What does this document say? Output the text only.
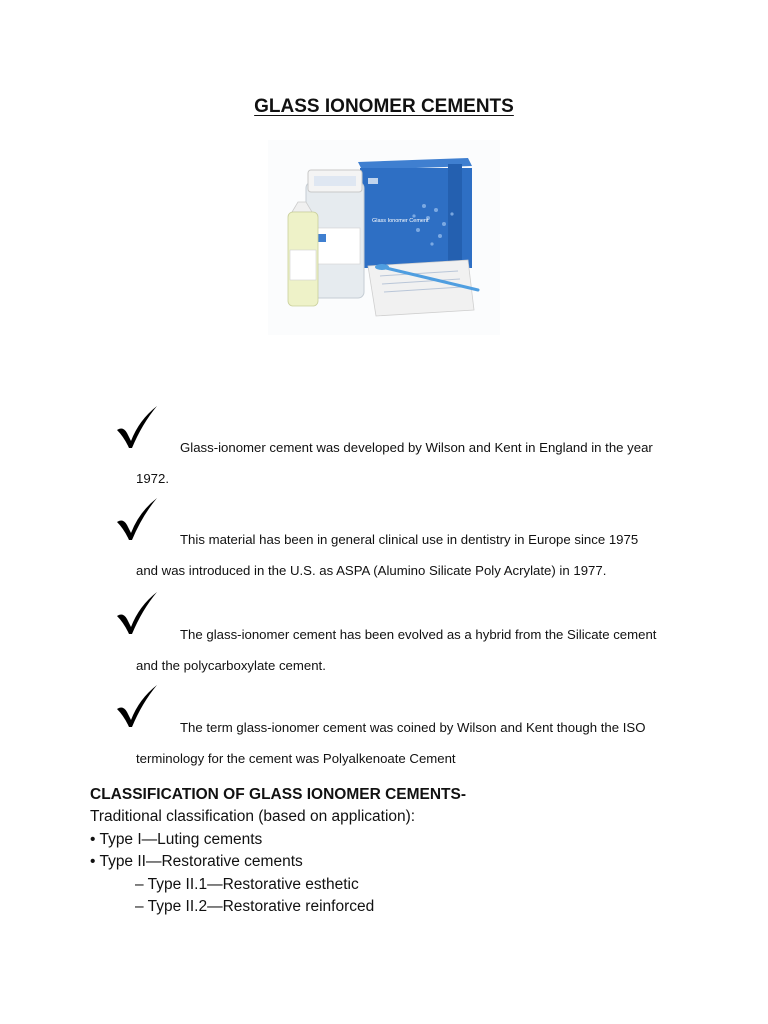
GLASS IONOMER CEMENTS
Glass Ionomer Cement
Glass-ionomer cement was developed by Wilson and Kent in England in the year
1972.
This material has been in general clinical use in dentistry in Europe since 1975
and was introduced in the U.S. as ASPA (Alumino Silicate Poly Acrylate) in 1977.
The glass-ionomer cement has been evolved as a hybrid from the Silicate cement
and the polycarboxylate cement.
The term glass-ionomer cement was coined by Wilson and Kent though the ISO
terminology for the cement was Polyalkenoate Cement
CLASSIFICATION OF GLASS IONOMER CEMENTS-
Traditional classification (based on application):
• Type I—Luting cements
• Type II—Restorative cements
– Type II.1—Restorative esthetic
– Type II.2—Restorative reinforced
